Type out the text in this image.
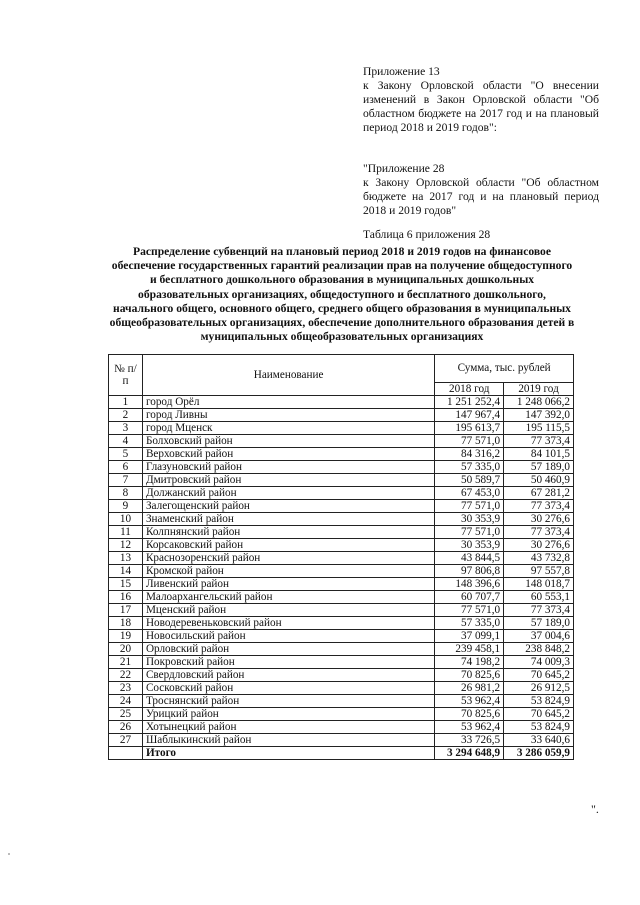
Приложение 13

к Закону Орловской области "О внесении изменений в Закон Орловской области "Об областном бюджете на 2017 год и на плановый период 2018 и 2019 годов":

"Приложение 28

к Закону Орловской области "Об областном бюджете на 2017 год и на плановый период 2018 и 2019 годов"

Таблица 6 приложения 28
Распределение субвенций на плановый период 2018 и 2019 годов на финансовое обеспечение государственных гарантий реализации прав на получение общедоступного и бесплатного дошкольного образования в муниципальных дошкольных образовательных организациях, общедоступного и бесплатного дошкольного, начального общего, основного общего, среднего общего образования в муниципальных общеобразовательных организациях, обеспечение дополнительного образования детей в муниципальных общеобразовательных организациях
№ п/п	Наименование	Сумма, тыс. рублей	
		2018 год	2019 год
1	город Орёл	1 251 252,4	1 248 066,2
2	город Ливны	147 967,4	147 392,0
3	город Мценск	195 613,7	195 115,5
4	Болховский район	77 571,0	77 373,4
5	Верховский район	84 316,2	84 101,5
6	Глазуновский район	57 335,0	57 189,0
7	Дмитровский район	50 589,7	50 460,9
8	Должанский район	67 453,0	67 281,2
9	Залегощенский район	77 571,0	77 373,4
10	Знаменский район	30 353,9	30 276,6
11	Колпнянский район	77 571,0	77 373,4
12	Корсаковский район	30 353,9	30 276,6
13	Краснозоренский район	43 844,5	43 732,8
14	Кромской район	97 806,8	97 557,8
15	Ливенский район	148 396,6	148 018,7
16	Малоархангельский район	60 707,7	60 553,1
17	Мценский район	77 571,0	77 373,4
18	Новодеревеньковский район	57 335,0	57 189,0
19	Новосильский район	37 099,1	37 004,6
20	Орловский район	239 458,1	238 848,2
21	Покровский район	74 198,2	74 009,3
22	Свердловский район	70 825,6	70 645,2
23	Сосковский район	26 981,2	26 912,5
24	Троснянский район	53 962,4	53 824,9
25	Урицкий район	70 825,6	70 645,2
26	Хотынецкий район	53 962,4	53 824,9
27	Шаблыкинский район	33 726,5	33 640,6
	Итого	3 294 648,9	3 286 059,9
".
